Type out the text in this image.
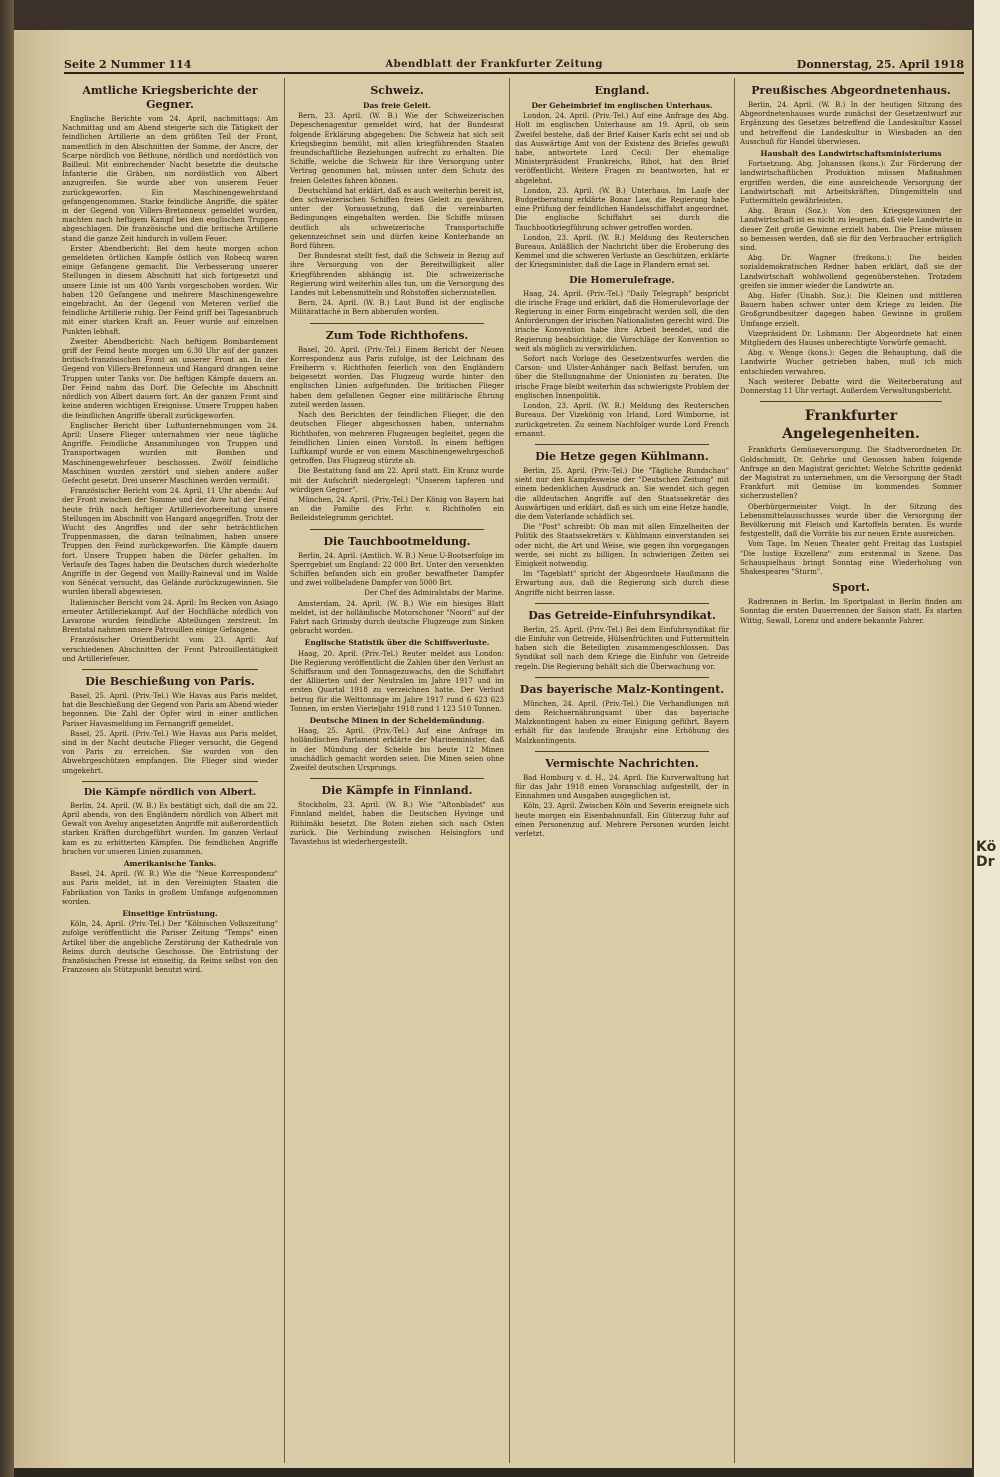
Kö
Dr
Seite 2 Nummer 114	Abendblatt der Frankfurter Zeitung	Donnerstag, 25. April 1918
Amtliche Kriegsberichte der Gegner.

Englische Berichte vom 24. April, nachmittags: Am Nachmittag und am Abend steigerte sich die Tätigkeit der feindlichen Artillerie an dem größten Teil der Front, namentlich in den Abschnitten der Somme, der Ancre, der Scarpe nördlich von Béthune, nördlich und nordöstlich von Bailleul. Mit einbrechender Nacht besetzte die deutsche Infanterie die Gräben, um nordöstlich von Albert anzugreifen. Sie wurde aber von unserem Feuer zurückgeworfen. Ein Maschinengewehrstand gefangengenommen. Starke feindliche Angriffe, die später in der Gegend von Villers-Bretonneux gemeldet wurden, machten nach heftigem Kampf bei den englischen Truppen abgeschlagen. Die französische und die britische Artillerie stand die ganze Zeit hindurch in vollem Feuer.

Erster Abendbericht: Bei dem heute morgen schon gemeldeten örtlichen Kampfe östlich von Robecq waren einige Gefangene gemacht. Die Verbesserung unserer Stellungen in diesem Abschnitt hat sich fortgesetzt und unsere Linie ist um 400 Yards vorgeschoben worden. Wir haben 120 Gefangene und mehrere Maschinengewehre eingebracht. An der Gegend von Meteren verlief die feindliche Artillerie ruhig. Der Feind griff bei Tagesanbruch mit einer starken Kraft an. Feuer wurde auf einzelnen Punkten lebhaft.

Zweiter Abendbericht: Nach heftigem Bombardement griff der Feind heute morgen um 6.30 Uhr auf der ganzen britisch-französischen Front an unserer Front an. In der Gegend von Villers-Bretonneux und Hangard drangen seine Truppen unter Tanks vor. Die heftigen Kämpfe dauern an. Der Feind nahm das Dorf. Die Gefechte im Abschnitt nördlich von Albert dauern fort. An der ganzen Front sind keine anderen wichtigen Ereignisse. Unsere Truppen haben die feindlichen Angriffe überall zurückgeworfen.

Englischer Bericht über Luftunternehmungen vom 24. April: Unsere Flieger unternahmen vier neue tägliche Angriffe. Feindliche Ansammlungen von Truppen und Transportwagen wurden mit Bomben und Maschinengewehrfeuer beschossen. Zwölf feindliche Maschinen wurden zerstört und sieben andere außer Gefecht gesetzt. Drei unserer Maschinen werden vermißt.

Französischer Bericht vom 24. April, 11 Uhr abends: Auf der Front zwischen der Somme und der Avre hat der Feind heute früh nach heftiger Artillerievorbereitung unsere Stellungen im Abschnitt von Hangard angegriffen. Trotz der Wucht des Angriffes und der sehr beträchtlichen Truppenmassen, die daran teilnahmen, haben unsere Truppen den Feind zurückgeworfen. Die Kämpfe dauern fort. Unsere Truppen haben die Dörfer gehalten. Im Verlaufe des Tages haben die Deutschen durch wiederholte Angriffe in der Gegend von Mailly-Raineval und im Walde von Sénécat versucht, das Gelände zurückzugewinnen. Sie wurden überall abgewiesen.

Italienischer Bericht vom 24. April: Im Becken von Asiago erneuter Artilleriekampf. Auf der Hochfläche nördlich von Lavarone wurden feindliche Abteilungen zerstreut. Im Brentatal nahmen unsere Patrouillen einige Gefangene.

Französischer Orientbericht vom 23. April: Auf verschiedenen Abschnitten der Front Patrouillentätigkeit und Artilleriefeuer.

Die Beschießung von Paris.

Basel, 25. April. (Priv.-Tel.) Wie Havas aus Paris meldet, hat die Beschießung der Gegend von Paris am Abend wieder begonnen. Die Zahl der Opfer wird in einer amtlichen Pariser Havasmeldung im Fernangriff gemeldet.

Basel, 25. April. (Priv.-Tel.) Wie Havas aus Paris meldet, sind in der Nacht deutsche Flieger versucht, die Gegend von Paris zu erreichen. Sie wurden von den Abwehrgeschützen empfangen. Die Flieger sind wieder umgekehrt.

Die Kämpfe nördlich von Albert.

Berlin, 24. April. (W. B.) Es bestätigt sich, daß die am 22. April abends, von den Engländern nördlich von Albert mit Gewalt von Aveluy angesetzten Angriffe mit außerordentlich starken Kräften durchgeführt wurden. Im ganzen Verlauf kam es zu erbitterten Kämpfen. Die feindlichen Angriffe brachen vor unseren Linien zusammen.

Amerikanische Tanks.

Basel, 24. April. (W. B.) Wie die "Neue Korrespondenz" aus Paris meldet, ist in den Vereinigten Staaten die Fabrikation von Tanks in großem Umfange aufgenommen worden.

Einseitige Entrüstung.

Köln, 24. April. (Priv.-Tel.) Der "Kölnischen Volkszeitung" zufolge veröffentlicht die Pariser Zeitung "Temps" einen Artikel über die angebliche Zerstörung der Kathedrale von Reims durch deutsche Geschosse. Die Entrüstung der französischen Presse ist einseitig, da Reims selbst von den Franzosen als Stützpunkt benutzt wird.

Schweiz.
Das freie Geleit.

Bern, 23. April. (W. B.) Wie der Schweizerischen Depeschenagentur gemeldet wird, hat der Bundesrat folgende Erklärung abgegeben: Die Schweiz hat sich seit Kriegsbeginn bemüht, mit allen kriegführenden Staaten freundschaftliche Beziehungen aufrecht zu erhalten. Die Schiffe, welche die Schweiz für ihre Versorgung unter Vertrag genommen hat, müssen unter dem Schutz des freien Geleites fahren können.

Deutschland hat erklärt, daß es auch weiterhin bereit ist, den schweizerischen Schiffen freies Geleit zu gewähren, unter der Voraussetzung, daß die vereinbarten Bedingungen eingehalten werden. Die Schiffe müssen deutlich als schweizerische Transportschiffe gekennzeichnet sein und dürfen keine Konterbande an Bord führen.

Der Bundesrat stellt fest, daß die Schweiz in Bezug auf ihre Versorgung von der Bereitwilligkeit aller Kriegführenden abhängig ist. Die schweizerische Regierung wird weiterhin alles tun, um die Versorgung des Landes mit Lebensmitteln und Rohstoffen sicherzustellen.

Bern, 24. April. (W. B.) Laut Bund ist der englische Militärattaché in Bern abberufen worden.

Zum Tode Richthofens.

Basel, 20. April. (Priv.-Tel.) Einem Bericht der Neuen Korrespondenz aus Paris zufolge, ist der Leichnam des Freiherrn v. Richthofen feierlich von den Engländern beigesetzt worden. Das Flugzeug wurde hinter den englischen Linien aufgefunden. Die britischen Flieger haben dem gefallenen Gegner eine militärische Ehrung zuteil werden lassen.

Nach den Berichten der feindlichen Flieger, die den deutschen Flieger abgeschossen haben, unternahm Richthofen, von mehreren Flugzeugen begleitet, gegen die feindlichen Linien einen Vorstoß. In einem heftigen Luftkampf wurde er von einem Maschinengewehrgeschoß getroffen. Das Flugzeug stürzte ab.

Die Bestattung fand am 22. April statt. Ein Kranz wurde mit der Aufschrift niedergelegt: "Unserem tapferen und würdigen Gegner".

München, 24. April. (Priv.-Tel.) Der König von Bayern hat an die Familie des Frhr. v. Richthofen ein Beileidstelegramm gerichtet.

Die Tauchbootmeldung.

Berlin, 24. April. (Amtlich. W. B.) Neue U-Bootserfolge im Sperrgebiet um England: 22 000 Brt. Unter den versenkten Schiffen befanden sich ein großer bewaffneter Dampfer und zwei vollbeladene Dampfer von 5000 Brt.

Der Chef des Admiralstabs der Marine.

Amsterdam, 24. April. (W. B.) Wie ein hiesiges Blatt meldet, ist der holländische Motorschoner "Noord" auf der Fahrt nach Grimsby durch deutsche Flugzeuge zum Sinken gebracht worden.

Englische Statistik über die Schiffsverluste.

Haag, 20. April. (Priv.-Tel.) Reuter meldet aus London: Die Regierung veröffentlicht die Zahlen über den Verlust an Schiffsraum und den Tonnagezuwachs, den die Schiffahrt der Alliierten und der Neutralen im Jahre 1917 und im ersten Quartal 1918 zu verzeichnen hatte. Der Verlust betrug für die Welttonnage im Jahre 1917 rund 6 623 623 Tonnen, im ersten Vierteljahr 1918 rund 1 123 510 Tonnen.

Deutsche Minen in der Scheldemündung.

Haag, 25. April. (Priv.-Tel.) Auf eine Anfrage im holländischen Parlament erklärte der Marineminister, daß in der Mündung der Schelde bis heute 12 Minen unschädlich gemacht worden seien. Die Minen seien ohne Zweifel deutschen Ursprungs.

Die Kämpfe in Finnland.

Stockholm, 23. April. (W. B.) Wie "Aftonbladet" aus Finnland meldet, haben die Deutschen Hyvinge und Riihimäki besetzt. Die Roten ziehen sich nach Osten zurück. Die Verbindung zwischen Helsingfors und Tavastehus ist wiederhergestellt.

England.
Der Geheimbrief im englischen Unterhaus.

London, 24. April. (Priv.-Tel.) Auf eine Anfrage des Abg. Holt im englischen Unterhause am 19. April, ob sein Zweifel bestehe, daß der Brief Kaiser Karls echt sei und ob das Auswärtige Amt von der Existenz des Briefes gewußt habe, antwortete Lord Cecil: Der ehemalige Ministerpräsident Frankreichs, Ribot, hat den Brief veröffentlicht. Weitere Fragen zu beantworten, hat er abgelehnt.

London, 23. April. (W. B.) Unterhaus. Im Laufe der Budgetberatung erklärte Bonar Law, die Regierung habe eine Prüfung der feindlichen Handelsschiffahrt angeordnet. Die englische Schiffahrt sei durch die Tauchbootkriegführung schwer getroffen worden.

London, 23. April. (W. B.) Meldung des Reuterschen Bureaus. Anläßlich der Nachricht über die Eroberung des Kemmel und die schweren Verluste an Geschützen, erklärte der Kriegsminister, daß die Lage in Flandern ernst sei.

Die Homerulefrage.

Haag, 24. April. (Priv.-Tel.) "Daily Telegraph" bespricht die irische Frage und erklärt, daß die Homerulevorlage der Regierung in einer Form eingebracht werden soll, die den Anforderungen der irischen Nationalisten gerecht wird. Die irische Konvention habe ihre Arbeit beendet, und die Regierung beabsichtige, die Vorschläge der Konvention so weit als möglich zu verwirklichen.

Sofort nach Vorlage des Gesetzentwurfes werden die Carson- und Ulster-Anhänger nach Belfast berufen, um über die Stellungnahme der Unionisten zu beraten. Die irische Frage bleibt weiterhin das schwierigste Problem der englischen Innenpolitik.

London, 23. April. (W. B.) Meldung des Reuterschen Bureaus. Der Vizekönig von Irland, Lord Wimborne, ist zurückgetreten. Zu seinem Nachfolger wurde Lord French ernannt.

Die Hetze gegen Kühlmann.

Berlin, 25. April. (Priv.-Tel.) Die "Tägliche Rundschau" sieht nur den Kampfesweise der "Deutschen Zeitung" mit einem bedenklichen Ausdruck an. Sie wendet sich gegen die alldeutschen Angriffe auf den Staatssekretär des Auswärtigen und erklärt, daß es sich um eine Hetze handle, die dem Vaterlande schädlich sei.

Die "Post" schreibt: Ob man mit allen Einzelheiten der Politik des Staatssekretärs v. Kühlmann einverstanden sei oder nicht, die Art und Weise, wie gegen ihn vorgegangen werde, sei nicht zu billigen. In schwierigen Zeiten sei Einigkeit notwendig.

Im "Tageblatt" spricht der Abgeordnete Haußmann die Erwartung aus, daß die Regierung sich durch diese Angriffe nicht beirren lasse.

Das Getreide-Einfuhrsyndikat.

Berlin, 25. April. (Priv.-Tel.) Bei dem Einfuhrsyndikat für die Einfuhr von Getreide, Hülsenfrüchten und Futtermitteln haben sich die Beteiligten zusammengeschlossen. Das Syndikat soll nach dem Kriege die Einfuhr von Getreide regeln. Die Regierung behält sich die Überwachung vor.

Das bayerische Malz-Kontingent.

München, 24. April. (Priv.-Tel.) Die Verhandlungen mit dem Reichsernährungsamt über das bayerische Malzkontingent haben zu einer Einigung geführt. Bayern erhält für das laufende Braujahr eine Erhöhung des Malzkontingents.

Vermischte Nachrichten.

Bad Homburg v. d. H., 24. April. Die Kurverwaltung hat für das Jahr 1918 einen Voranschlag aufgestellt, der in Einnahmen und Ausgaben ausgeglichen ist.

Köln, 23. April. Zwischen Köln und Severin ereignete sich heute morgen ein Eisenbahnunfall. Ein Güterzug fuhr auf einen Personenzug auf. Mehrere Personen wurden leicht verletzt.

Preußisches Abgeordnetenhaus.

Berlin, 24. April. (W. B.) In der heutigen Sitzung des Abgeordnetenhauses wurde zunächst der Gesetzentwurf zur Ergänzung des Gesetzes betreffend die Landeskultur Kassel und betreffend die Landeskultur in Wiesbaden an den Ausschuß für Handel überwiesen.

Haushalt des Landwirtschaftsministeriums

Fortsetzung. Abg. Johanssen (kons.): Zur Förderung der landwirtschaftlichen Produktion müssen Maßnahmen ergriffen werden, die eine ausreichende Versorgung der Landwirtschaft mit Arbeitskräften, Düngemitteln und Futtermitteln gewährleisten.

Abg. Braun (Soz.): Von den Kriegsgewinnen der Landwirtschaft ist es nicht zu leugnen, daß viele Landwirte in dieser Zeit große Gewinne erzielt haben. Die Preise müssen so bemessen werden, daß sie für den Verbraucher erträglich sind.

Abg. Dr. Wagner (freikons.): Die beiden sozialdemokratischen Redner haben erklärt, daß sie der Landwirtschaft wohlwollend gegenüberstehen. Trotzdem greifen sie immer wieder die Landwirte an.

Abg. Hofer (Unabh. Soz.): Die Kleinen und mittleren Bauern haben schwer unter dem Kriege zu leiden. Die Großgrundbesitzer dagegen haben Gewinne in großem Umfange erzielt.

Vizepräsident Dr. Lohmann: Der Abgeordnete hat einen Mitgliedern des Hauses unberechtigte Vorwürfe gemacht.

Abg. v. Wenge (kons.): Gegen die Behauptung, daß die Landwirte Wucher getrieben haben, muß ich mich entschieden verwahren.

Nach weiterer Debatte wird die Weiterberatung auf Donnerstag 11 Uhr vertagt. Außerdem Verwaltungsbericht.

Frankfurter Angelegenheiten.

Frankfurts Gemüseversorgung. Die Stadtverordneten Dr. Goldschmidt, Dr. Gehrke und Genossen haben folgende Anfrage an den Magistrat gerichtet: Welche Schritte gedenkt der Magistrat zu unternehmen, um die Versorgung der Stadt Frankfurt mit Gemüse im kommenden Sommer sicherzustellen?

Oberbürgermeister Voigt. In der Sitzung des Lebensmittelausschusses wurde über die Versorgung der Bevölkerung mit Fleisch und Kartoffeln beraten. Es wurde festgestellt, daß die Vorräte bis zur neuen Ernte ausreichen.

Vom Tage. Im Neuen Theater geht Freitag das Lustspiel "Die lustige Exzellenz" zum erstenmal in Szene. Das Schauspielhaus bringt Sonntag eine Wiederholung von Shakespeares "Sturm".

Sport.

Radrennen in Berlin. Im Sportpalast in Berlin finden am Sonntag die ersten Dauerrennen der Saison statt. Es starten Wittig, Sawall, Lorenz und andere bekannte Fahrer.
